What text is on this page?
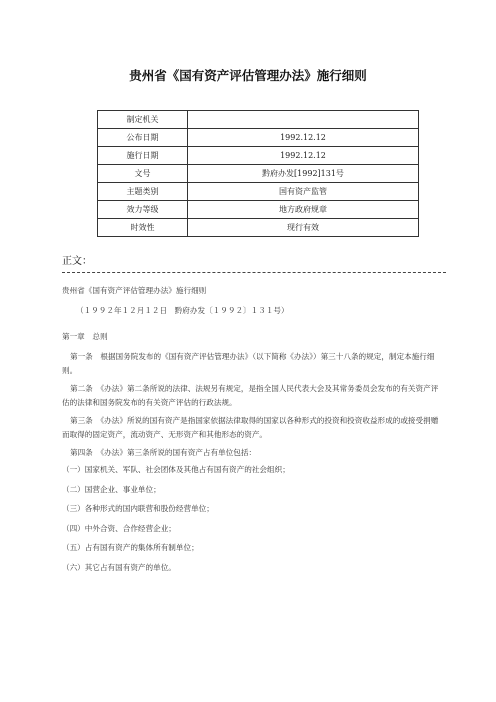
贵州省《国有资产评估管理办法》施行细则
制定机关	
公布日期	1992.12.12
施行日期	1992.12.12
文号	黔府办发[1992]131号
主题类别	国有资产监管
效力等级	地方政府规章
时效性	现行有效
正文：

贵州省《国有资产评估管理办法》施行细则

（１９９２年１２月１２日　黔府办发〔１９９２〕１３１号）

第一章　总则

第一条　根据国务院发布的《国有资产评估管理办法》（以下简称《办法》）第三十八条的规定，制定本施行细则。

第二条　《办法》第二条所说的法律、法规另有规定，是指全国人民代表大会及其常务委员会发布的有关资产评估的法律和国务院发布的有关资产评估的行政法规。

第三条　《办法》所说的国有资产是指国家依据法律取得的国家以各种形式的投资和投资收益形成的或接受捐赠而取得的固定资产，流动资产、无形资产和其他形态的资产。

第四条　《办法》第三条所说的国有资产占有单位包括：

（一）国家机关、军队、社会团体及其他占有国有资产的社会组织；

（二）国营企业、事业单位；

（三）各种形式的国内联营和股份经营单位；

（四）中外合资、合作经营企业；

（五）占有国有资产的集体所有制单位；

（六）其它占有国有资产的单位。
